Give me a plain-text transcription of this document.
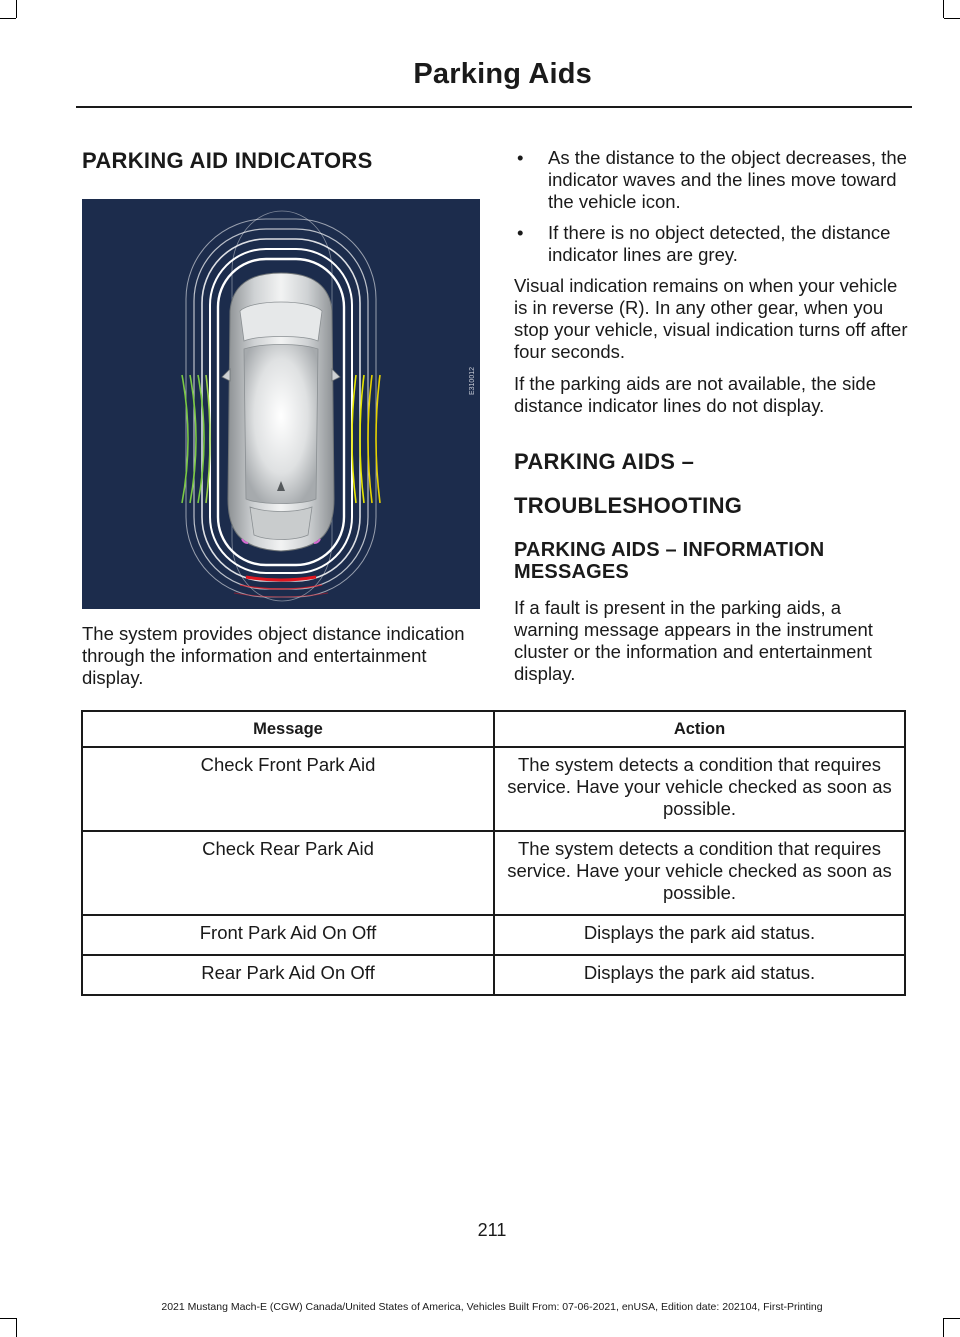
Parking Aids
PARKING AID INDICATORS
E310012
The system provides object distance indication through the information and entertainment display.
• As the distance to the object decreases, the indicator waves and the lines move toward the vehicle icon.
• If there is no object detected, the distance indicator lines are grey.

Visual indication remains on when your vehicle is in reverse (R). In any other gear, when you stop your vehicle, visual indication turns off after four seconds.

If the parking aids are not available, the side distance indicator lines do not display.

PARKING AIDS –
TROUBLESHOOTING
PARKING AIDS – INFORMATION MESSAGES

If a fault is present in the parking aids, a warning message appears in the instrument cluster or the information and entertainment display.

Message	Action
Check Front Park Aid	The system detects a condition that requires service. Have your vehicle checked as soon as possible.
Check Rear Park Aid	The system detects a condition that requires service. Have your vehicle checked as soon as possible.
Front Park Aid On Off	Displays the park aid status.
Rear Park Aid On Off	Displays the park aid status.
211
2021 Mustang Mach-E (CGW) Canada/United States of America, Vehicles Built From: 07-06-2021, enUSA, Edition date: 202104, First-Printing
